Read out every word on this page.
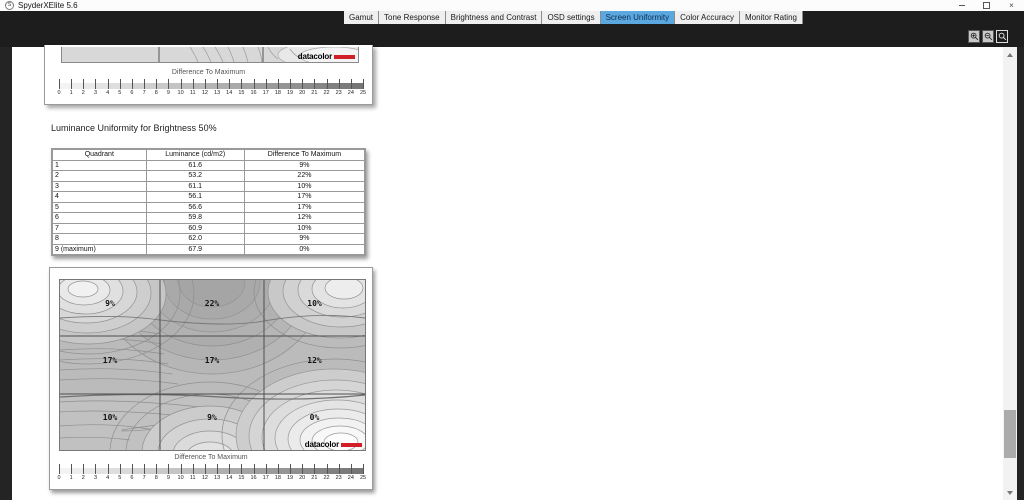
S SpyderXElite 5.6	×
Gamut	Tone Response	Brightness and Contrast	OSD settings	Screen Uniformity	Color Accuracy	Monitor Rating
datacolor
Difference To Maximum
0 1 2 3 4 5 6 7 8 9 10 11 12 13 14 15 16 17 18 19 20 21 22 23 24 25
Luminance Uniformity for Brightness 50%
Quadrant	Luminance (cd/m2)	Difference To Maximum
1	61.6	9%
2	53.2	22%
3	61.1	10%
4	56.1	17%
5	56.6	17%
6	59.8	12%
7	60.9	10%
8	62.0	9%
9 (maximum)	67.9	0%
9%	22%	10%
17%	17%	12%
10%	9%	0%
datacolor
Difference To Maximum
0 1 2 3 4 5 6 7 8 9 10 11 12 13 14 15 16 17 18 19 20 21 22 23 24 25
